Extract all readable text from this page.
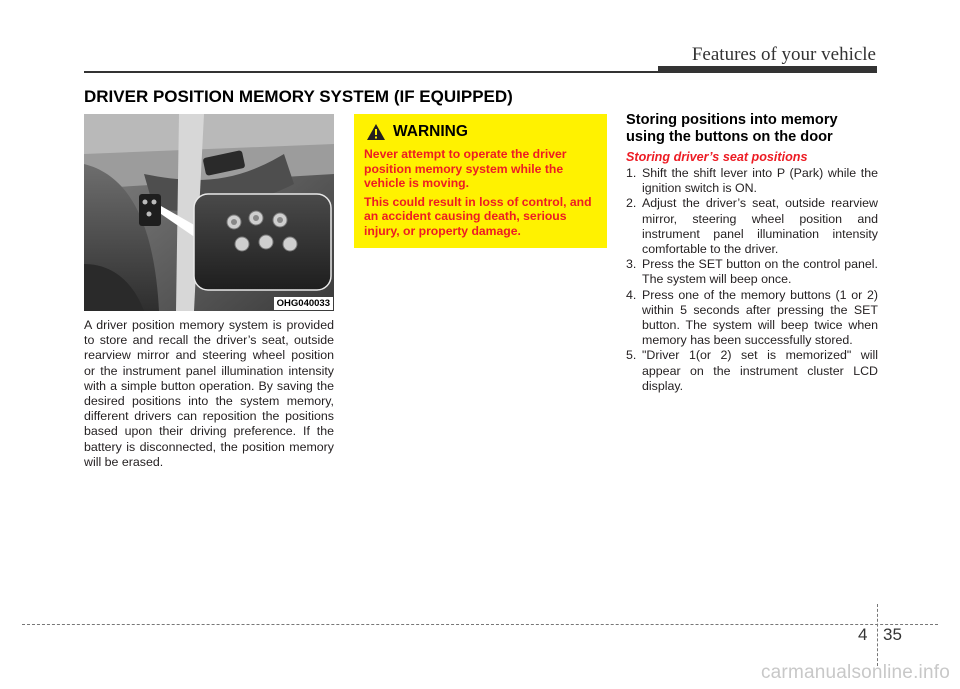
Features of your vehicle
DRIVER POSITION MEMORY SYSTEM (IF EQUIPPED)
OHG040033
A driver position memory system is provided to store and recall the driver’s seat, outside rearview mirror and steering wheel position or the instrument panel illumination intensity with a simple button operation. By saving the desired positions into the system memory, different drivers can reposition the positions based upon their driving preference. If the battery is disconnected, the position memory will be erased.
WARNING

Never attempt to operate the driver position memory system while the vehicle is moving.

This could result in loss of control, and an accident causing death, serious injury, or property damage.

Storing positions into memory using the buttons on the door
Storing driver’s seat positions
1. Shift the shift lever into P (Park) while the ignition switch is ON.
2. Adjust the driver’s seat, outside rearview mirror, steering wheel position and instrument panel illumination intensity comfortable to the driver.
3. Press the SET button on the control panel. The system will beep once.
4. Press one of the memory buttons (1 or 2) within 5 seconds after pressing the SET button. The system will beep twice when memory has been successfully stored.
5. "Driver 1(or 2) set is memorized" will appear on the instrument cluster LCD display.
4 35
carmanualsonline.info
